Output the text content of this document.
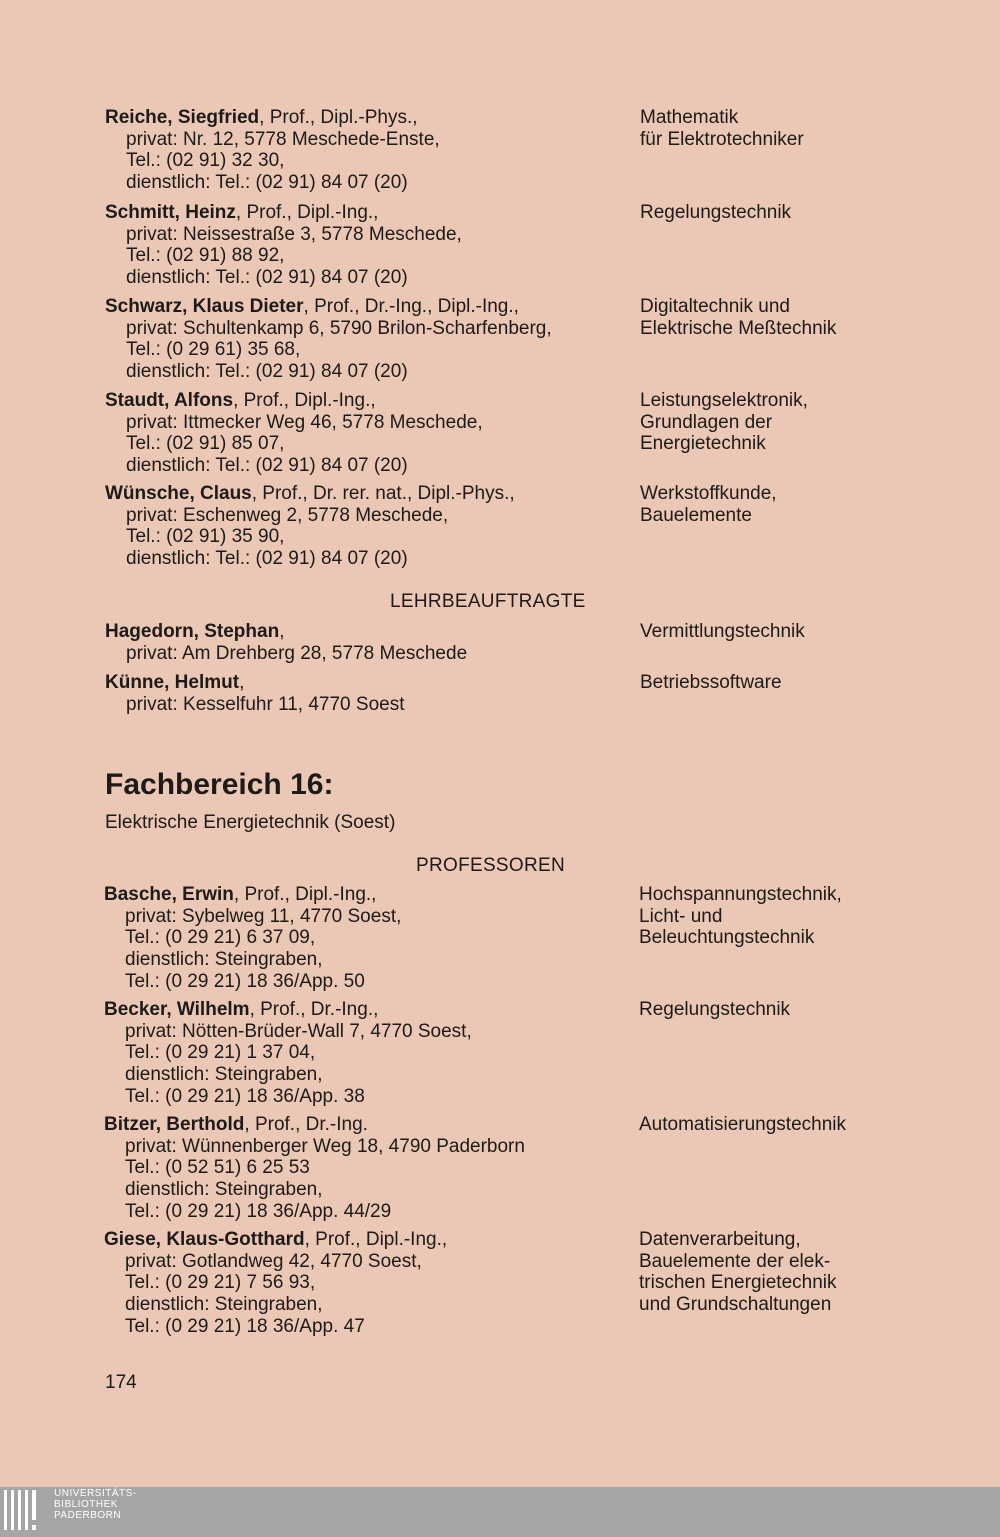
Reiche, Siegfried, Prof., Dipl.-Phys.,
privat: Nr. 12, 5778 Meschede-Enste,
Tel.: (02 91) 32 30,
dienstlich: Tel.: (02 91) 84 07 (20)
Mathematik
für Elektrotechniker
Schmitt, Heinz, Prof., Dipl.-Ing.,
privat: Neissestraße 3, 5778 Meschede,
Tel.: (02 91) 88 92,
dienstlich: Tel.: (02 91) 84 07 (20)
Regelungstechnik
Schwarz, Klaus Dieter, Prof., Dr.-Ing., Dipl.-Ing.,
privat: Schultenkamp 6, 5790 Brilon-Scharfenberg,
Tel.: (0 29 61) 35 68,
dienstlich: Tel.: (02 91) 84 07 (20)
Digitaltechnik und
Elektrische Meßtechnik
Staudt, Alfons, Prof., Dipl.-Ing.,
privat: Ittmecker Weg 46, 5778 Meschede,
Tel.: (02 91) 85 07,
dienstlich: Tel.: (02 91) 84 07 (20)
Leistungselektronik,
Grundlagen der
Energietechnik
Wünsche, Claus, Prof., Dr. rer. nat., Dipl.-Phys.,
privat: Eschenweg 2, 5778 Meschede,
Tel.: (02 91) 35 90,
dienstlich: Tel.: (02 91) 84 07 (20)
Werkstoffkunde,
Bauelemente
LEHRBEAUFTRAGTE
Hagedorn, Stephan,
privat: Am Drehberg 28, 5778 Meschede
Vermittlungstechnik
Künne, Helmut,
privat: Kesselfuhr 11, 4770 Soest
Betriebssoftware
Fachbereich 16:
Elektrische Energietechnik (Soest)
PROFESSOREN
Basche, Erwin, Prof., Dipl.-Ing.,
privat: Sybelweg 11, 4770 Soest,
Tel.: (0 29 21) 6 37 09,
dienstlich: Steingraben,
Tel.: (0 29 21) 18 36/App. 50
Hochspannungstechnik,
Licht- und
Beleuchtungstechnik
Becker, Wilhelm, Prof., Dr.-Ing.,
privat: Nötten-Brüder-Wall 7, 4770 Soest,
Tel.: (0 29 21) 1 37 04,
dienstlich: Steingraben,
Tel.: (0 29 21) 18 36/App. 38
Regelungstechnik
Bitzer, Berthold, Prof., Dr.-Ing.
privat: Wünnenberger Weg 18, 4790 Paderborn
Tel.: (0 52 51) 6 25 53
dienstlich: Steingraben,
Tel.: (0 29 21) 18 36/App. 44/29
Automatisierungstechnik
Giese, Klaus-Gotthard, Prof., Dipl.-Ing.,
privat: Gotlandweg 42, 4770 Soest,
Tel.: (0 29 21) 7 56 93,
dienstlich: Steingraben,
Tel.: (0 29 21) 18 36/App. 47
Datenverarbeitung,
Bauelemente der elek-
trischen Energietechnik
und Grundschaltungen
174
UNIVERSITÄTS-
BIBLIOTHEK
PADERBORN
